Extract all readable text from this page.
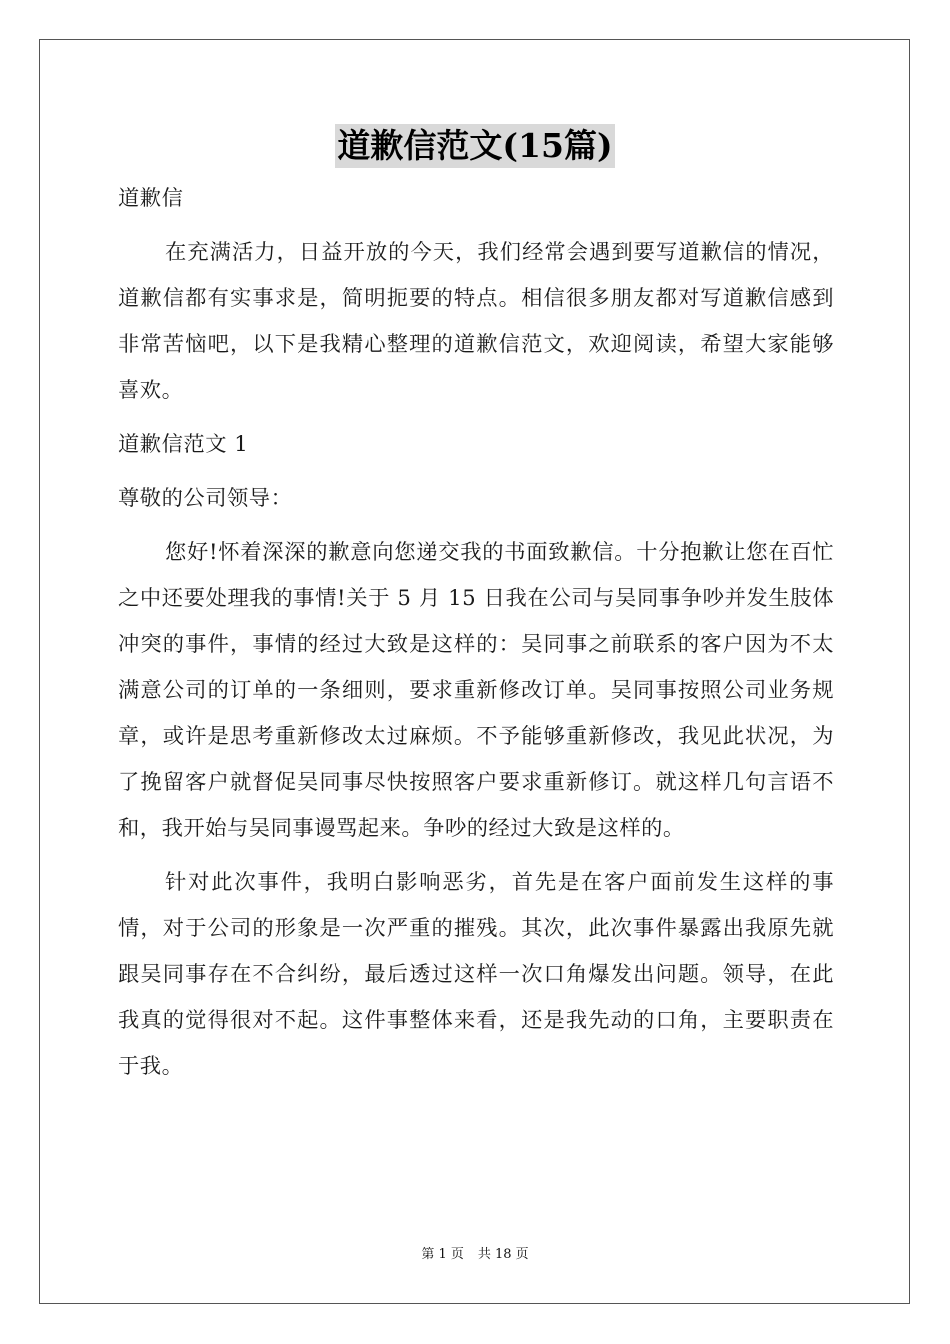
道歉信范文(15篇)

道歉信

在充满活力，日益开放的今天，我们经常会遇到要写道歉信的情况，道歉信都有实事求是，简明扼要的特点。相信很多朋友都对写道歉信感到非常苦恼吧，以下是我精心整理的道歉信范文，欢迎阅读，希望大家能够喜欢。

道歉信范文 1

尊敬的公司领导：

您好!怀着深深的歉意向您递交我的书面致歉信。十分抱歉让您在百忙之中还要处理我的事情!关于 5 月 15 日我在公司与吴同事争吵并发生肢体冲突的事件，事情的经过大致是这样的：吴同事之前联系的客户因为不太满意公司的订单的一条细则，要求重新修改订单。吴同事按照公司业务规章，或许是思考重新修改太过麻烦。不予能够重新修改，我见此状况，为了挽留客户就督促吴同事尽快按照客户要求重新修订。就这样几句言语不和，我开始与吴同事谩骂起来。争吵的经过大致是这样的。

针对此次事件，我明白影响恶劣，首先是在客户面前发生这样的事情，对于公司的形象是一次严重的摧残。其次，此次事件暴露出我原先就跟吴同事存在不合纠纷，最后透过这样一次口角爆发出问题。领导，在此我真的觉得很对不起。这件事整体来看，还是我先动的口角，主要职责在于我。

第 1 页 共 18 页
